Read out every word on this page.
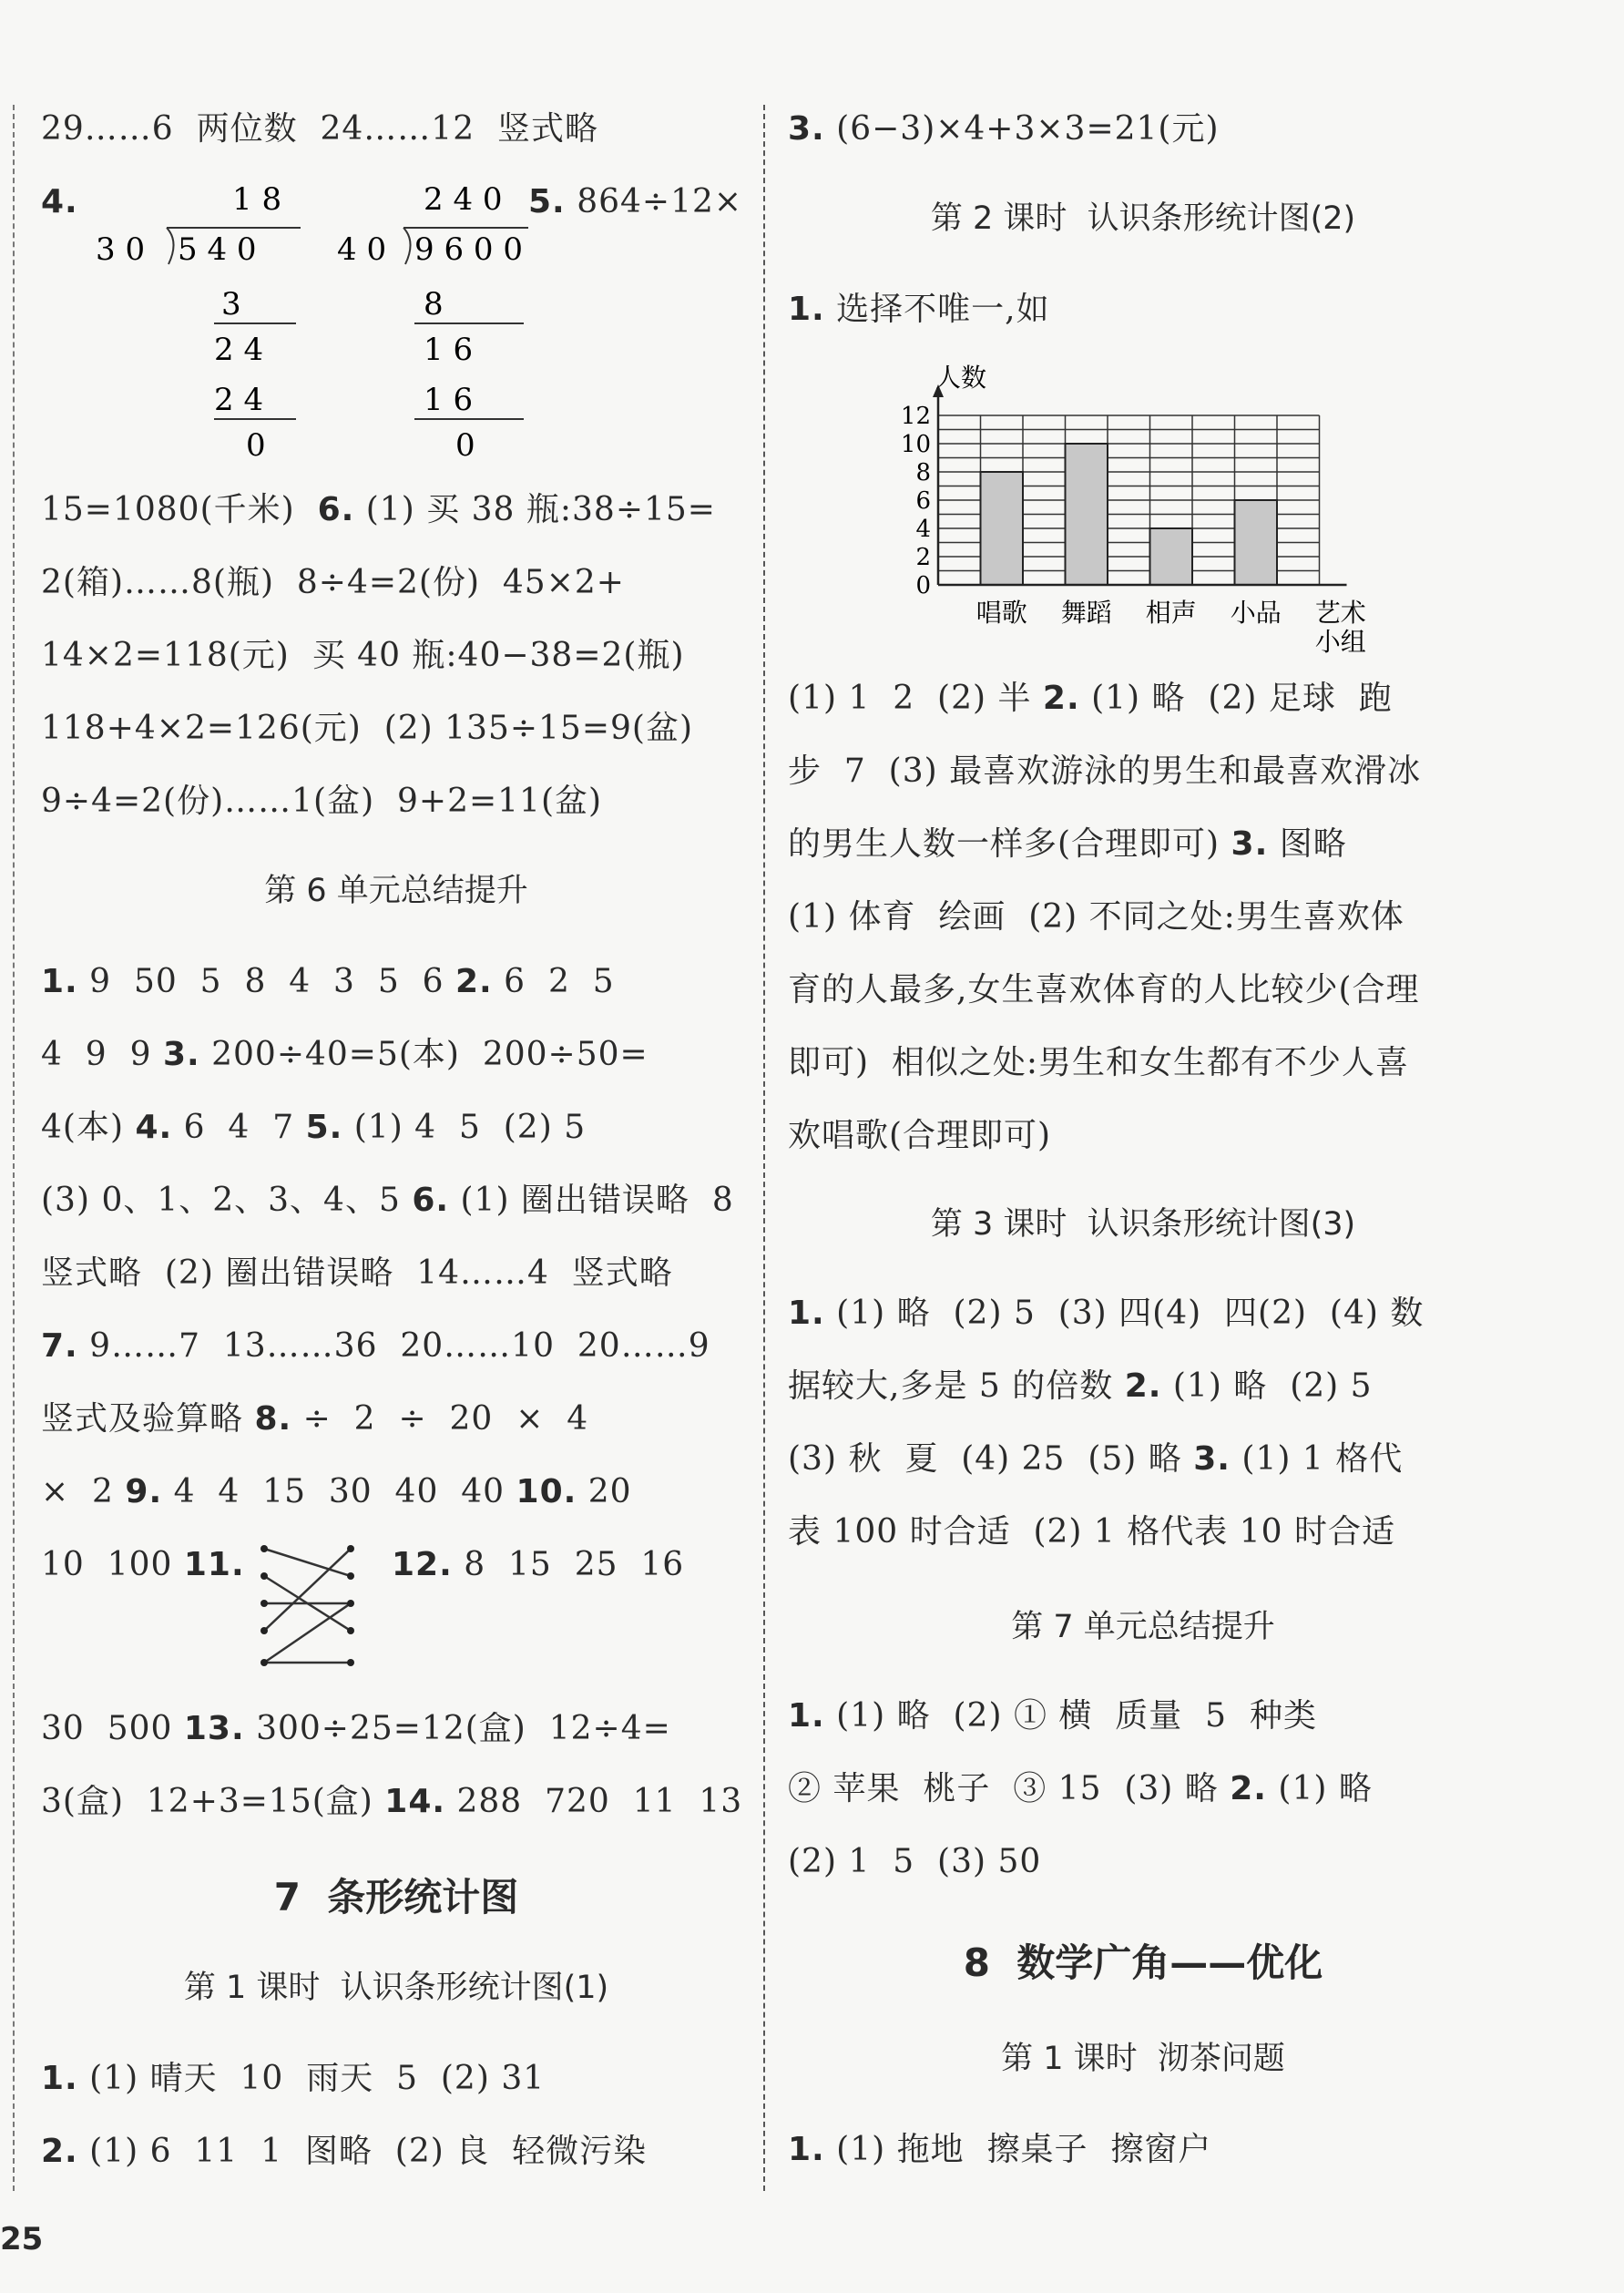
29……6  两位数  24……12  竖式略
4.	1 8
3 0 5 4 0
3
2 4
2 4
0
2 4 0
4 0 9 6 0 0
8
1 6
1 6
0
5. 864÷12×
15=1080(千米) 6. (1) 买 38 瓶:38÷15=
2(箱)……8(瓶)  8÷4=2(份)  45×2+
14×2=118(元)  买 40 瓶:40−38=2(瓶)
118+4×2=126(元)  (2) 135÷15=9(盆)
9÷4=2(份)……1(盆)  9+2=11(盆)
第 6 单元总结提升
1. 9  50  5  8  4  3  5  6 2. 6  2  5
4  9  9 3. 200÷40=5(本)  200÷50=
4(本) 4. 6  4  7 5. (1) 4  5  (2) 5
(3) 0、1、2、3、4、5 6. (1) 圈出错误略  8
竖式略  (2) 圈出错误略  14……4  竖式略
7. 9……7  13……36  20……10  20……9
竖式及验算略 8. ÷  2  ÷  20  ×  4
×  2 9. 4  4  15  30  40  40 10. 20
10  100 11.	12. 8  15  25  16
30  500 13. 300÷25=12(盒)  12÷4=
3(盒)  12+3=15(盒) 14. 288  720  11  13
7  条形统计图
第 1 课时  认识条形统计图(1)
1. (1) 晴天  10  雨天  5  (2) 31
2. (1) 6  11  1  图略  (2) 良  轻微污染
3. (6−3)×4+3×3=21(元)
第 2 课时  认识条形统计图(2)
1. 选择不唯一,如
0
2
4
6
8
10
12
唱歌 舞蹈 相声 小品 艺术
小组
人数
(1) 1  2  (2) 半 2. (1) 略  (2) 足球  跑
步  7  (3) 最喜欢游泳的男生和最喜欢滑冰
的男生人数一样多(合理即可) 3. 图略
(1) 体育  绘画  (2) 不同之处:男生喜欢体
育的人最多,女生喜欢体育的人比较少(合理
即可)  相似之处:男生和女生都有不少人喜
欢唱歌(合理即可)
第 3 课时  认识条形统计图(3)
1. (1) 略  (2) 5  (3) 四(4)  四(2)  (4) 数
据较大,多是 5 的倍数 2. (1) 略  (2) 5
(3) 秋  夏  (4) 25  (5) 略 3. (1) 1 格代
表 100 时合适  (2) 1 格代表 10 时合适
第 7 单元总结提升
1. (1) 略  (2) ① 横  质量  5  种类
② 苹果  桃子  ③ 15  (3) 略 2. (1) 略
(2) 1  5  (3) 50
8  数学广角——优化
第 1 课时  沏茶问题
1. (1) 拖地  擦桌子  擦窗户
25
